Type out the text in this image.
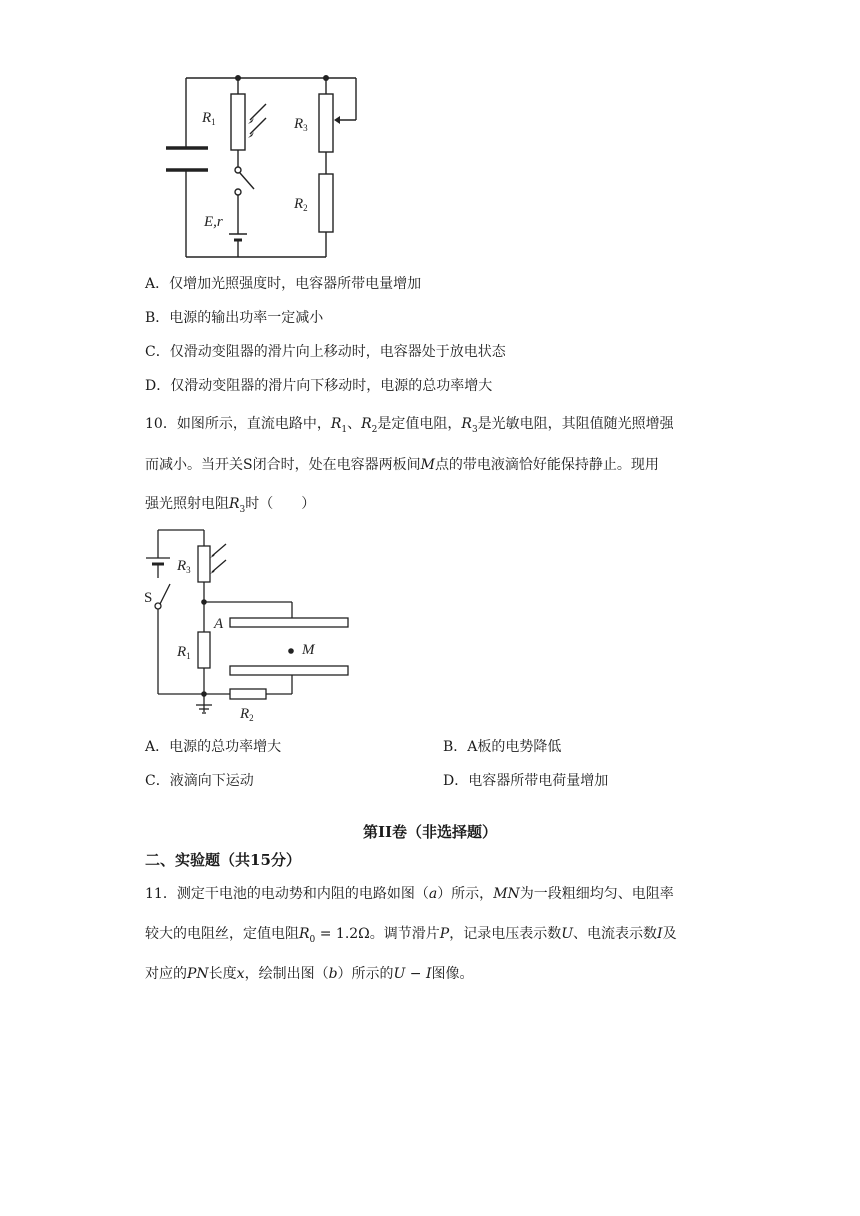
$R_1$	$R_3$
$R_2$
E,r
A．仅增加光照强度时，电容器所带电量增加
B．电源的输出功率一定减小
C．仅滑动变阻器的滑片向上移动时，电容器处于放电状态
D．仅滑动变阻器的滑片向下移动时，电源的总功率增大
10．如图所示，直流电路中，$R_1$、$R_2$是定值电阻，$R_3$是光敏电阻，其阻值随光照增强
而减小。当开关S闭合时，处在电容器两板间M点的带电液滴恰好能保持静止。现用
强光照射电阻$R_3$时（　　）
$R_3$
S
A
$R_1$	M
$R_2$
A．电源的总功率增大	B．A板的电势降低
C．液滴向下运动	D．电容器所带电荷量增加
第II卷（非选择题）
二、实验题（共15分）
11．测定干电池的电动势和内阻的电路如图（a）所示，MN为一段粗细均匀、电阻率
较大的电阻丝，定值电阻$R_0 = 1.2\Omega$。调节滑片P，记录电压表示数U、电流表示数I及
对应的PN长度x，绘制出图（b）所示的U − I图像。
